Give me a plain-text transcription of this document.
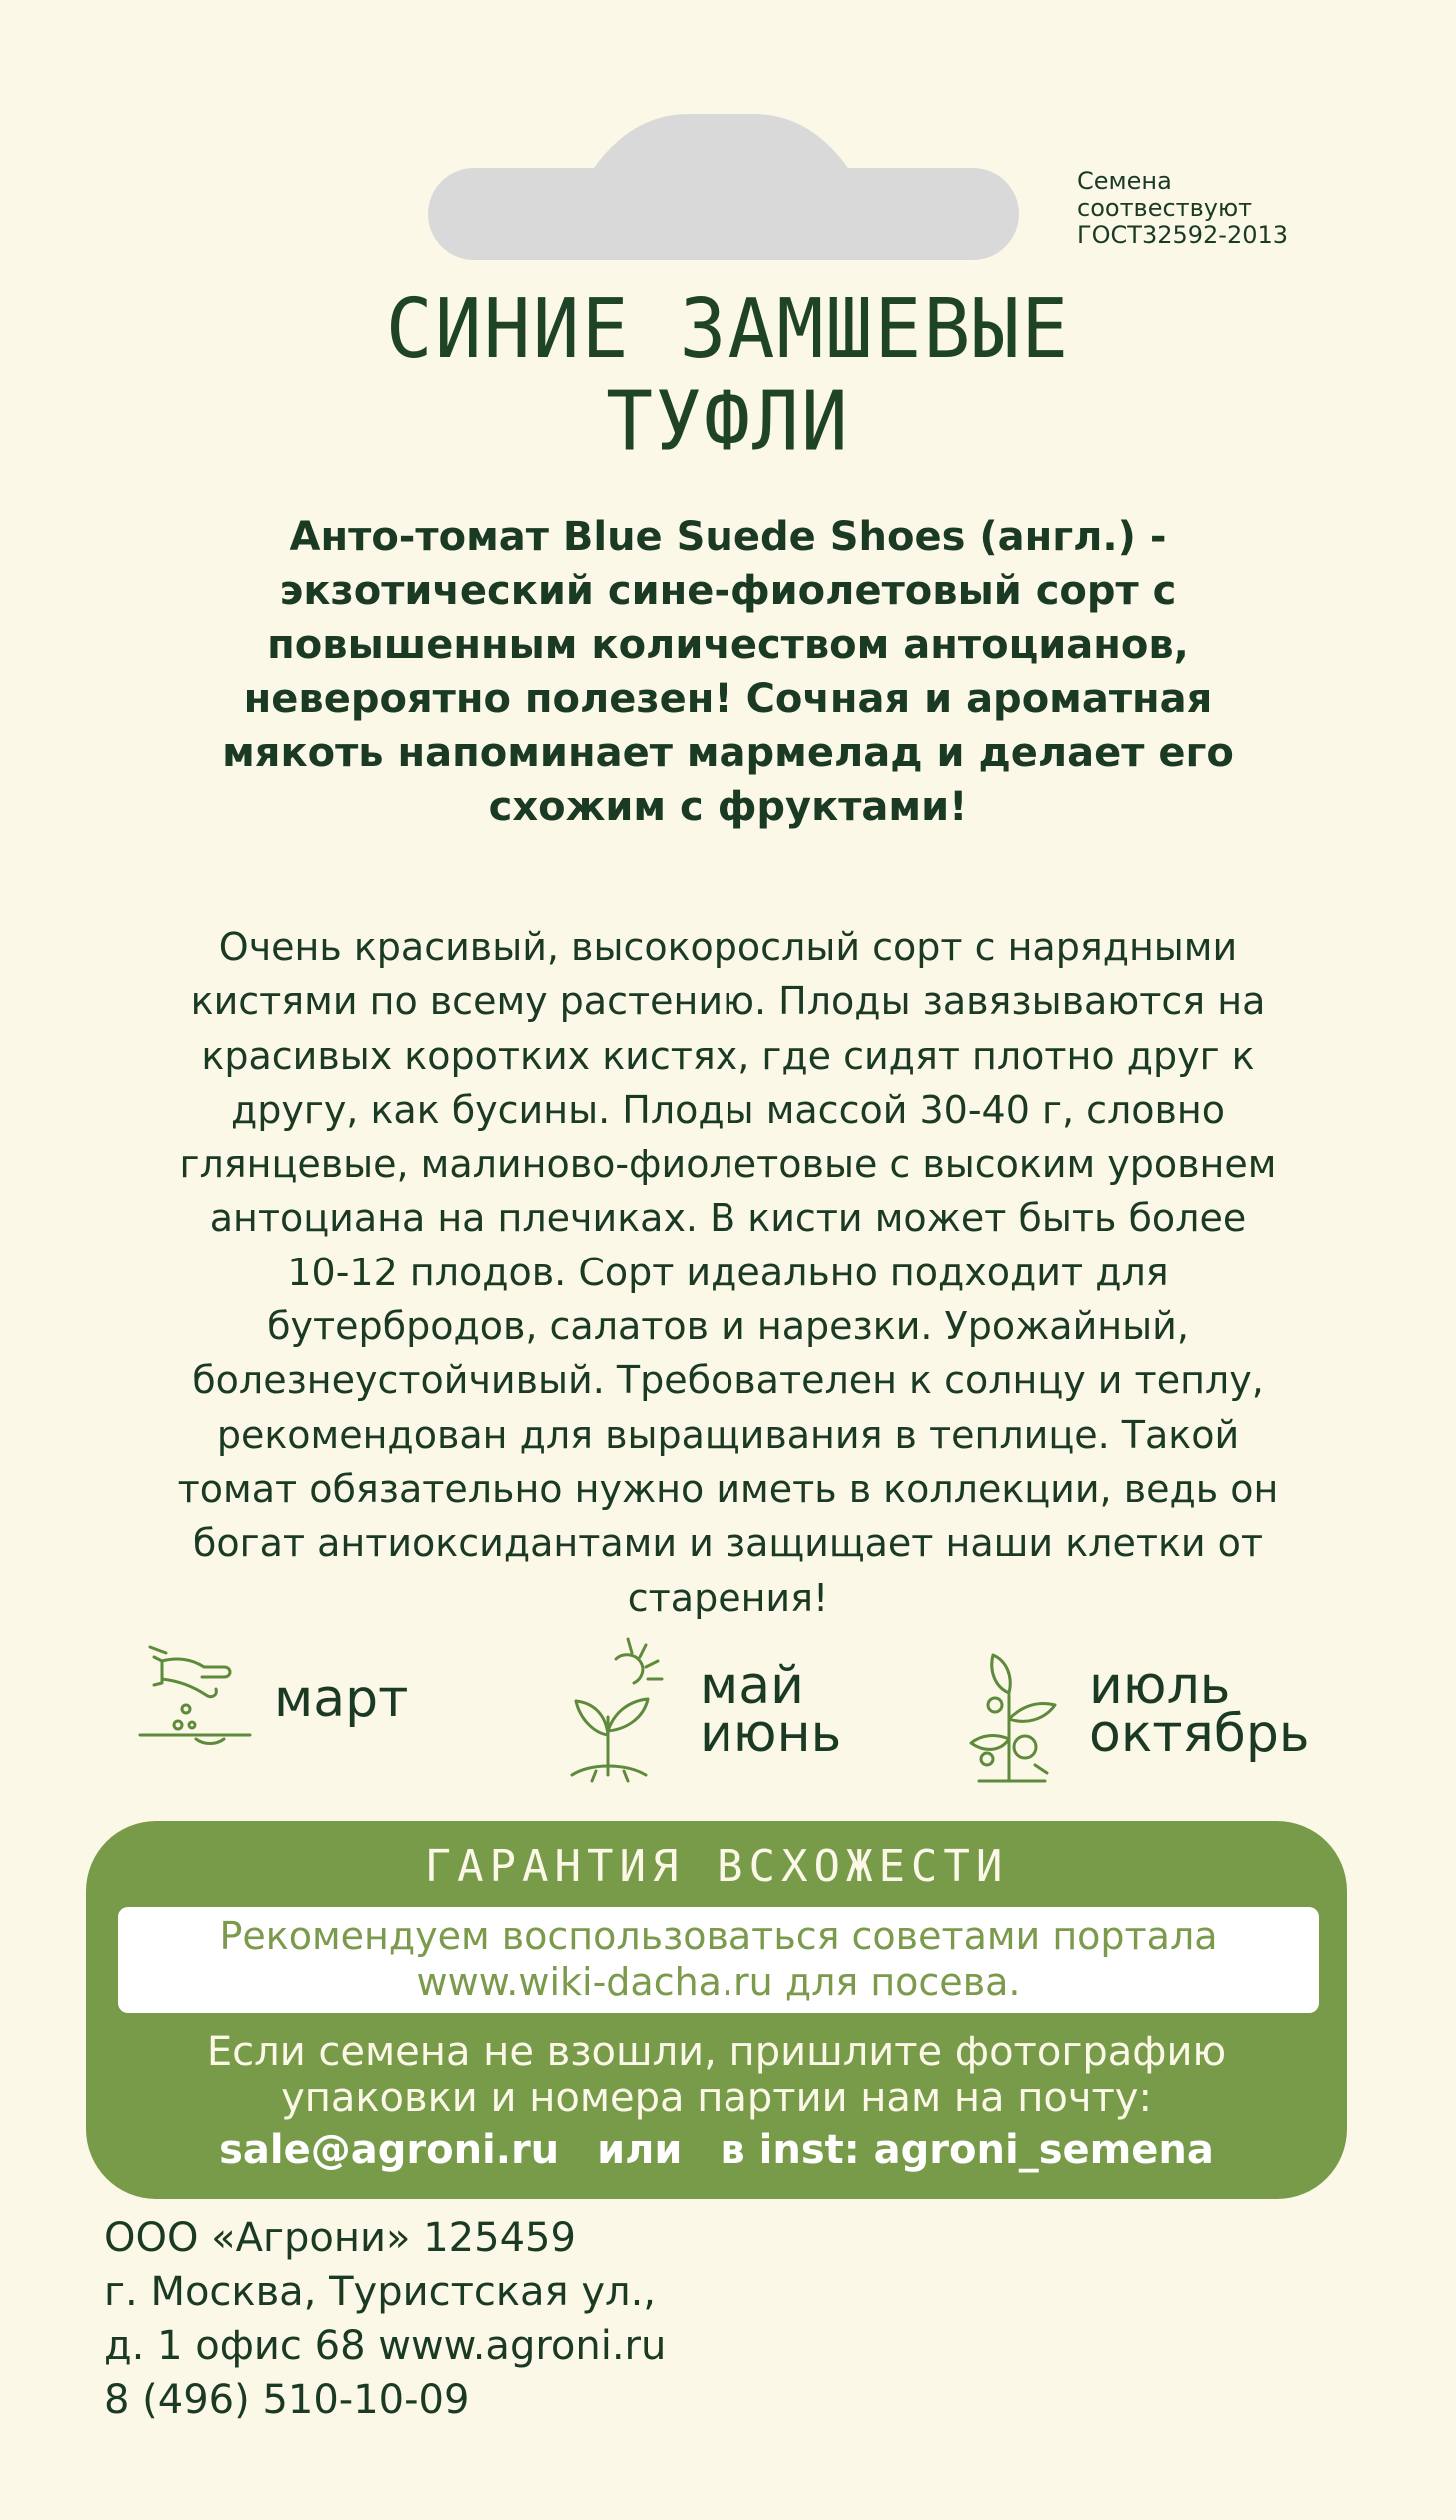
Семена
соотвествуют
ГОСТ32592-2013
СИНИЕ ЗАМШЕВЫЕ
ТУФЛИ
Анто-томат Blue Suede Shoes (англ.) -
экзотический сине-фиолетовый сорт с
повышенным количеством антоцианов,
невероятно полезен! Сочная и ароматная
мякоть напоминает мармелад и делает его
схожим с фруктами!
Очень красивый, высокорослый сорт с нарядными
кистями по всему растению. Плоды завязываются на
красивых коротких кистях, где сидят плотно друг к
другу, как бусины. Плоды массой 30-40 г, словно
глянцевые, малиново-фиолетовые с высоким уровнем
антоциана на плечиках. В кисти может быть более
10-12 плодов. Сорт идеально подходит для
бутербродов, салатов и нарезки. Урожайный,
болезнеустойчивый. Требователен к солнцу и теплу,
рекомендован для выращивания в теплице. Такой
томат обязательно нужно иметь в коллекции, ведь он
богат антиоксидантами и защищает наши клетки от
старения!
март	май
июнь
июль
октябрь
ГАРАНТИЯ ВСХОЖЕСТИ
Рекомендуем воспользоваться советами портала
www.wiki-dacha.ru для посева.
Если семена не взошли, пришлите фотографию
упаковки и номера партии нам на почту:
sale@agroni.ru или в inst: agroni_semena
ООО «Агрони» 125459
г. Москва, Туристская ул.,
д. 1 офис 68 www.agroni.ru
8 (496) 510-10-09
